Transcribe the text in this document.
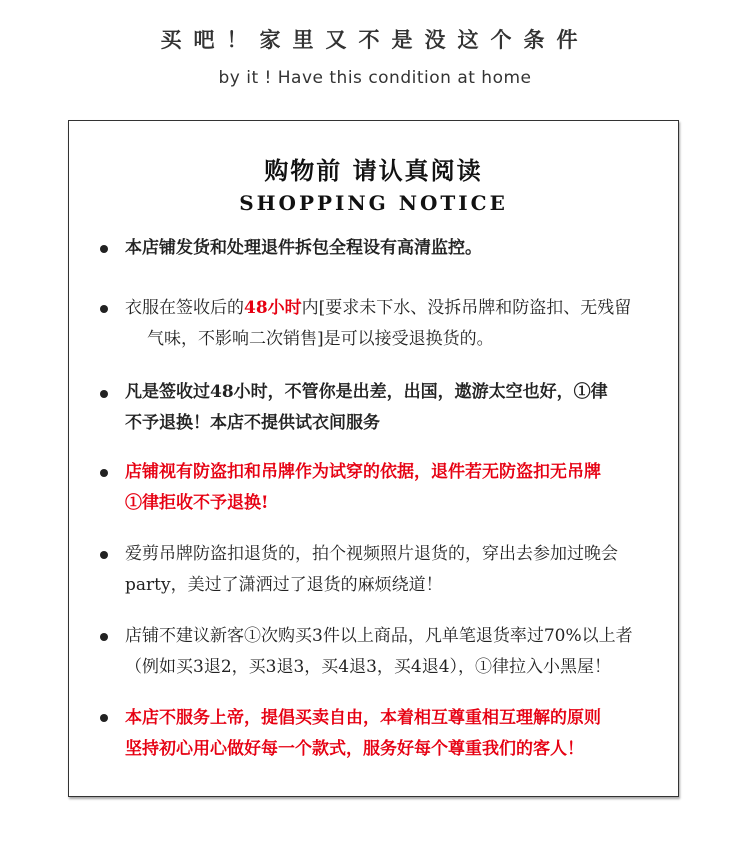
买吧！家里又不是没这个条件
by it ! Have this condition at home
购物前 请认真阅读
SHOPPING NOTICE
本店铺发货和处理退件拆包全程设有高清监控。
衣服在签收后的48小时内[要求未下水、没拆吊牌和防盗扣、无残留
气味，不影响二次销售]是可以接受退换货的。
凡是签收过48小时，不管你是出差，出国，遨游太空也好，①律
不予退换！本店不提供试衣间服务
店铺视有防盗扣和吊牌作为试穿的依据，退件若无防盗扣无吊牌
①律拒收不予退换!
爱剪吊牌防盗扣退货的，拍个视频照片退货的，穿出去参加过晚会
party，美过了潇洒过了退货的麻烦绕道！
店铺不建议新客①次购买3件以上商品，凡单笔退货率过70%以上者
（例如买3退2，买3退3，买4退3，买4退4），①律拉入小黑屋！
本店不服务上帝，提倡买卖自由，本着相互尊重相互理解的原则
坚持初心用心做好每一个款式，服务好每个尊重我们的客人！
